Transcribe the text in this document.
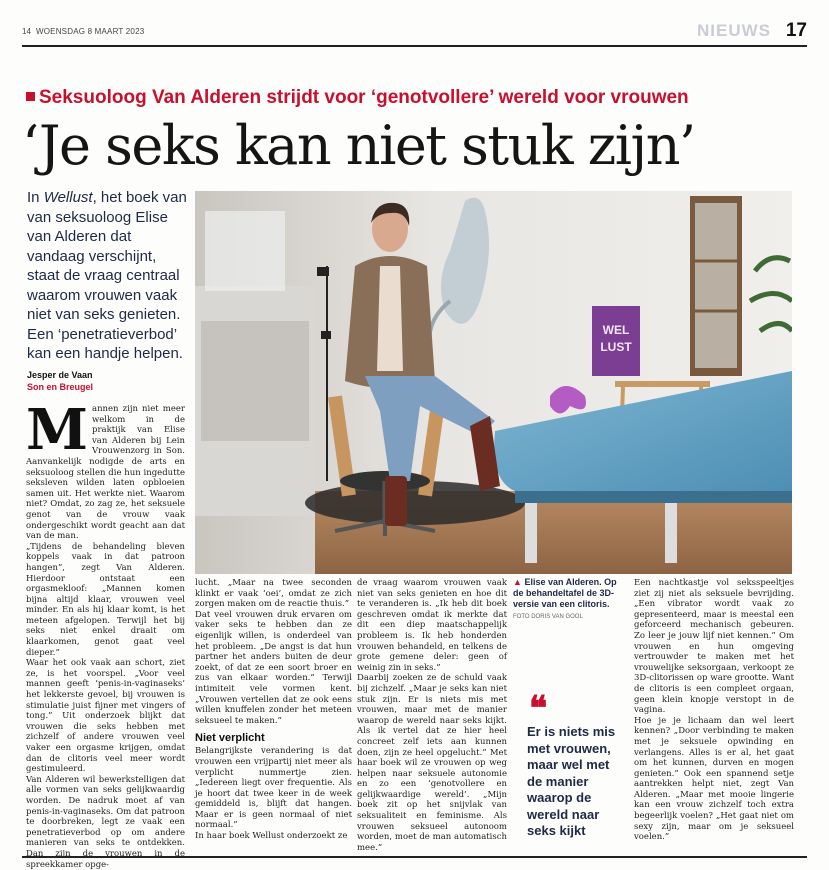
14 WOENSDAG 8 MAART 2023	NIEUWS 17
Seksuoloog Van Alderen strijdt voor ‘genotvollere’ wereld voor vrouwen
‘Je seks kan niet stuk zijn’
In Wellust, het boek van van seksuoloog Elise van Alderen dat vandaag verschijnt, staat de vraag centraal waarom vrouwen vaak niet van seks genieten. Een ‘penetratieverbod’ kan een handje helpen.
Jesper de Vaan
Son en Breugel
WEL
LUST

Mannen zijn niet meer welkom in de praktijk van Elise van Alderen bij Lein Vrouwenzorg in Son. Aanvankelijk nodigde de arts en seksuoloog stellen die hun ingedutte seksleven wilden laten opbloeien samen uit. Het werkte niet. Waarom niet? Omdat, zo zag ze, het seksuele genot van de vrouw vaak ondergeschikt wordt geacht aan dat van de man.

„Tijdens de behandeling bleven koppels vaak in dat patroon hangen”, zegt Van Alderen. Hierdoor ontstaat een orgasmekloof: „Mannen komen bijna altijd klaar, vrouwen veel minder. En als hij klaar komt, is het meteen afgelopen. Terwijl het bij seks niet enkel draait om klaarkomen, genot gaat veel dieper.”

Waar het ook vaak aan schort, ziet ze, is het voorspel. „Voor veel mannen geeft ‘penis-in-vaginaseks’ het lekkerste gevoel, bij vrouwen is stimulatie juist fijner met vingers of tong.” Uit onderzoek blijkt dat vrouwen die seks hebben met zichzelf of andere vrouwen veel vaker een orgasme krijgen, omdat dan de clitoris veel meer wordt gestimuleerd.

Van Alderen wil bewerkstelligen dat alle vormen van seks gelijkwaardig worden. De nadruk moet af van penis-in-vaginaseks. Om dat patroon te doorbreken, legt ze vaak een penetratieverbod op om andere manieren van seks te ontdekken. Dan zijn de vrouwen in de spreekkamer opge-

lucht. „Maar na twee seconden klinkt er vaak ‘oei’, omdat ze zich zorgen maken om de reactie thuis.”

Dat veel vrouwen druk ervaren om vaker seks te hebben dan ze eigenlijk willen, is onderdeel van het probleem. „De angst is dat hun partner het anders buiten de deur zoekt, of dat ze een soort broer en zus van elkaar worden.” Terwijl intimiteit vele vormen kent. „Vrouwen vertellen dat ze ook eens willen knuffelen zonder het meteen seksueel te maken.”

Niet verplicht

Belangrijkste verandering is dat vrouwen een vrijpartij niet meer als verplicht nummertje zien. „Iedereen liegt over frequentie. Als je hoort dat twee keer in de week gemiddeld is, blijft dat hangen. Maar er is geen normaal of niet normaal.”

In haar boek Wellust onderzoekt ze

de vraag waarom vrouwen vaak niet van seks genieten en hoe dit te veranderen is. „Ik heb dit boek geschreven omdat ik merkte dat dit een diep maatschappelijk probleem is. Ik heb honderden vrouwen behandeld, en telkens de grote gemene deler: geen of weinig zin in seks.”

Daarbij zoeken ze de schuld vaak bij zichzelf. „Maar je seks kan niet stuk zijn. Er is niets mis met vrouwen, maar met de manier waarop de wereld naar seks kijkt. Als ik vertel dat ze hier heel concreet zelf iets aan kunnen doen, zijn ze heel opgelucht.” Met haar boek wil ze vrouwen op weg helpen naar seksuele autonomie en zo een ‘genotvollere en gelijkwaardige wereld’. „Mijn boek zit op het snijvlak van seksualiteit en feminisme. Als vrouwen seksueel autonoom worden, moet de man automatisch mee.”

▲ Elise van Alderen. Op de behandeltafel de 3D-versie van een clitoris. FOTO DORIS VAN GOOL
❝
Er is niets mis met vrouwen, maar wel met de manier waarop de wereld naar seks kijkt

Een nachtkastje vol seksspeeltjes ziet zij niet als seksuele bevrijding. „Een vibrator wordt vaak zo gepresenteerd, maar is meestal een geforceerd mechanisch gebeuren. Zo leer je jouw lijf niet kennen.” Om vrouwen en hun omgeving vertrouwder te maken met het vrouwelijke seksorgaan, verkoopt ze 3D-clitorissen op ware grootte. Want de clitoris is een compleet orgaan, geen klein knopje verstopt in de vagina.

Hoe je je lichaam dan wel leert kennen? „Door verbinding te maken met je seksuele opwinding en verlangens. Alles is er al, het gaat om het kunnen, durven en mogen genieten.” Ook een spannend setje aantrekken helpt niet, zegt Van Alderen. „Maar met mooie lingerie kan een vrouw zichzelf toch extra begeerlijk voelen? „Het gaat niet om sexy zijn, maar om je seksueel voelen.”
